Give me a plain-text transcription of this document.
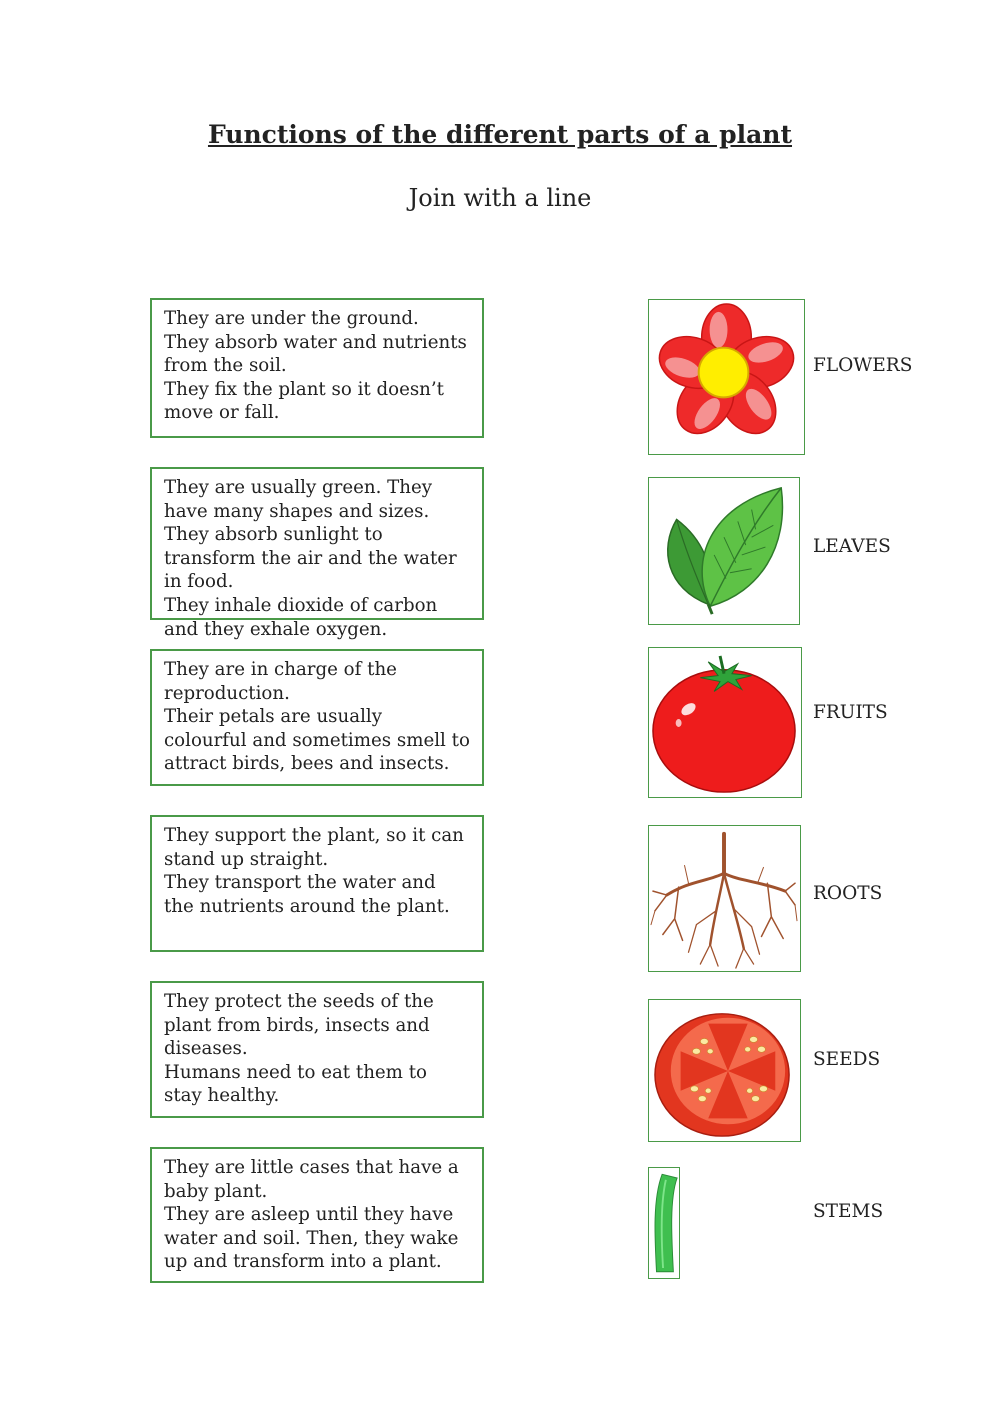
Functions of the different parts of a plant
Join with a line

They are under the ground.
They absorb water and nutrients from the soil.
They fix the plant so it doesn’t move or fall.

They are usually green. They have many shapes and sizes.
They absorb sunlight to transform the air and the water in food.
They inhale dioxide of carbon and they exhale oxygen.

They are in charge of the reproduction.
Their petals are usually colourful and sometimes smell to attract birds, bees and insects.

They support the plant, so it can stand up straight.
They transport the water and the nutrients around the plant.

They protect the seeds of the plant from birds, insects and diseases.
Humans need to eat them to stay healthy.

They are little cases that have a baby plant.
They are asleep until they have water and soil. Then, they wake up and transform into a plant.

FLOWERS
LEAVES
FRUITS
ROOTS
SEEDS
STEMS
